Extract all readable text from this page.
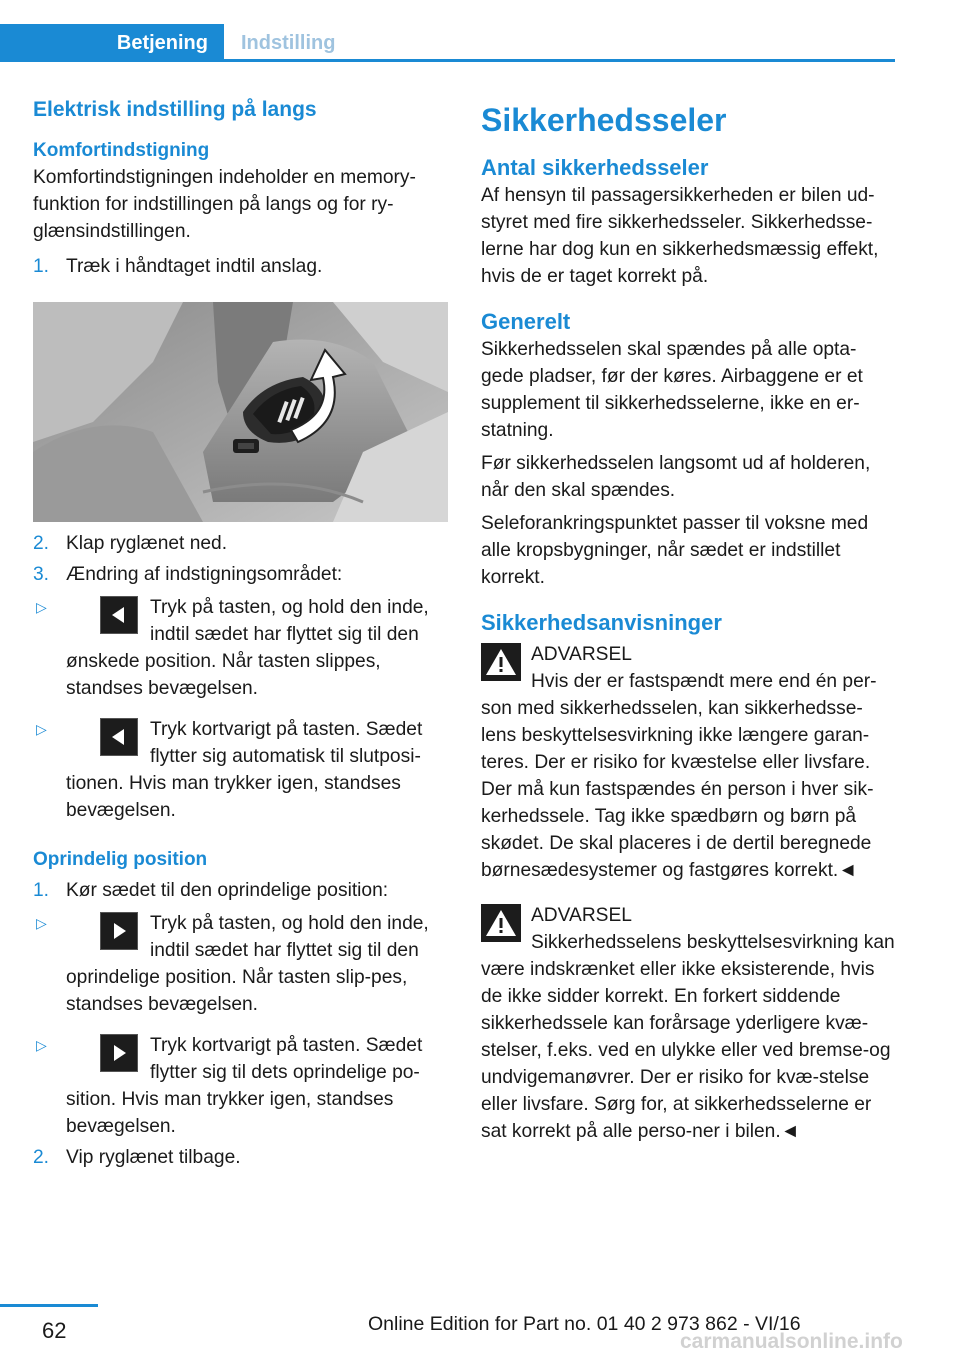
Betjening	Indstilling

Elektrisk indstilling på langs

Komfortindstigning

Komfortindstigningen indeholder en memory-funktion for indstillingen på langs og for ry-glænsindstillingen.

1. Træk i håndtaget indtil anslag.
2. Klap ryglænet ned.
3. Ændring af indstigningsområdet:
▷	Tryk på tasten, og hold den inde, indtil sædet har flyttet sig til den ønskede position. Når tasten slippes, standses bevægelsen.
▷	Tryk kortvarigt på tasten. Sædet flytter sig automatisk til slutposi-tionen. Hvis man trykker igen, standses bevægelsen.

Oprindelig position

1. Kør sædet til den oprindelige position:
▷	Tryk på tasten, og hold den inde, indtil sædet har flyttet sig til den oprindelige position. Når tasten slip-pes, standses bevægelsen.
▷	Tryk kortvarigt på tasten. Sædet flytter sig til dets oprindelige po-sition. Hvis man trykker igen, standses bevægelsen.
2. Vip ryglænet tilbage.

Sikkerhedsseler

Antal sikkerhedsseler

Af hensyn til passagersikkerheden er bilen ud-styret med fire sikkerhedsseler. Sikkerhedsse-lerne har dog kun en sikkerhedsmæssig effekt, hvis de er taget korrekt på.

Generelt

Sikkerhedsselen skal spændes på alle opta-gede pladser, før der køres. Airbaggene er et supplement til sikkerhedsselerne, ikke en er-statning.

Før sikkerhedsselen langsomt ud af holderen, når den skal spændes.

Seleforankringspunktet passer til voksne med alle kropsbygninger, når sædet er indstillet korrekt.

Sikkerhedsanvisninger

ADVARSEL
Hvis der er fastspændt mere end én per-son med sikkerhedsselen, kan sikkerhedsse-lens beskyttelsesvirkning ikke længere garan-teres. Der er risiko for kvæstelse eller livsfare. Der må kun fastspændes én person i hver sik-kerhedssele. Tag ikke spædbørn og børn på skødet. De skal placeres i de dertil beregnede børnesædesystemer og fastgøres korrekt.◄
ADVARSEL
Sikkerhedsselens beskyttelsesvirkning kan være indskrænket eller ikke eksisterende, hvis de ikke sidder korrekt. En forkert siddende sikkerhedssele kan forårsage yderligere kvæ-stelser, f.eks. ved en ulykke eller ved bremse-og undvigemanøvrer. Der er risiko for kvæ-stelse eller livsfare. Sørg for, at sikkerhedsselerne er sat korrekt på alle perso-ner i bilen.◄
62	Online Edition for Part no. 01 40 2 973 862 - VI/16
carmanualsonline.info
